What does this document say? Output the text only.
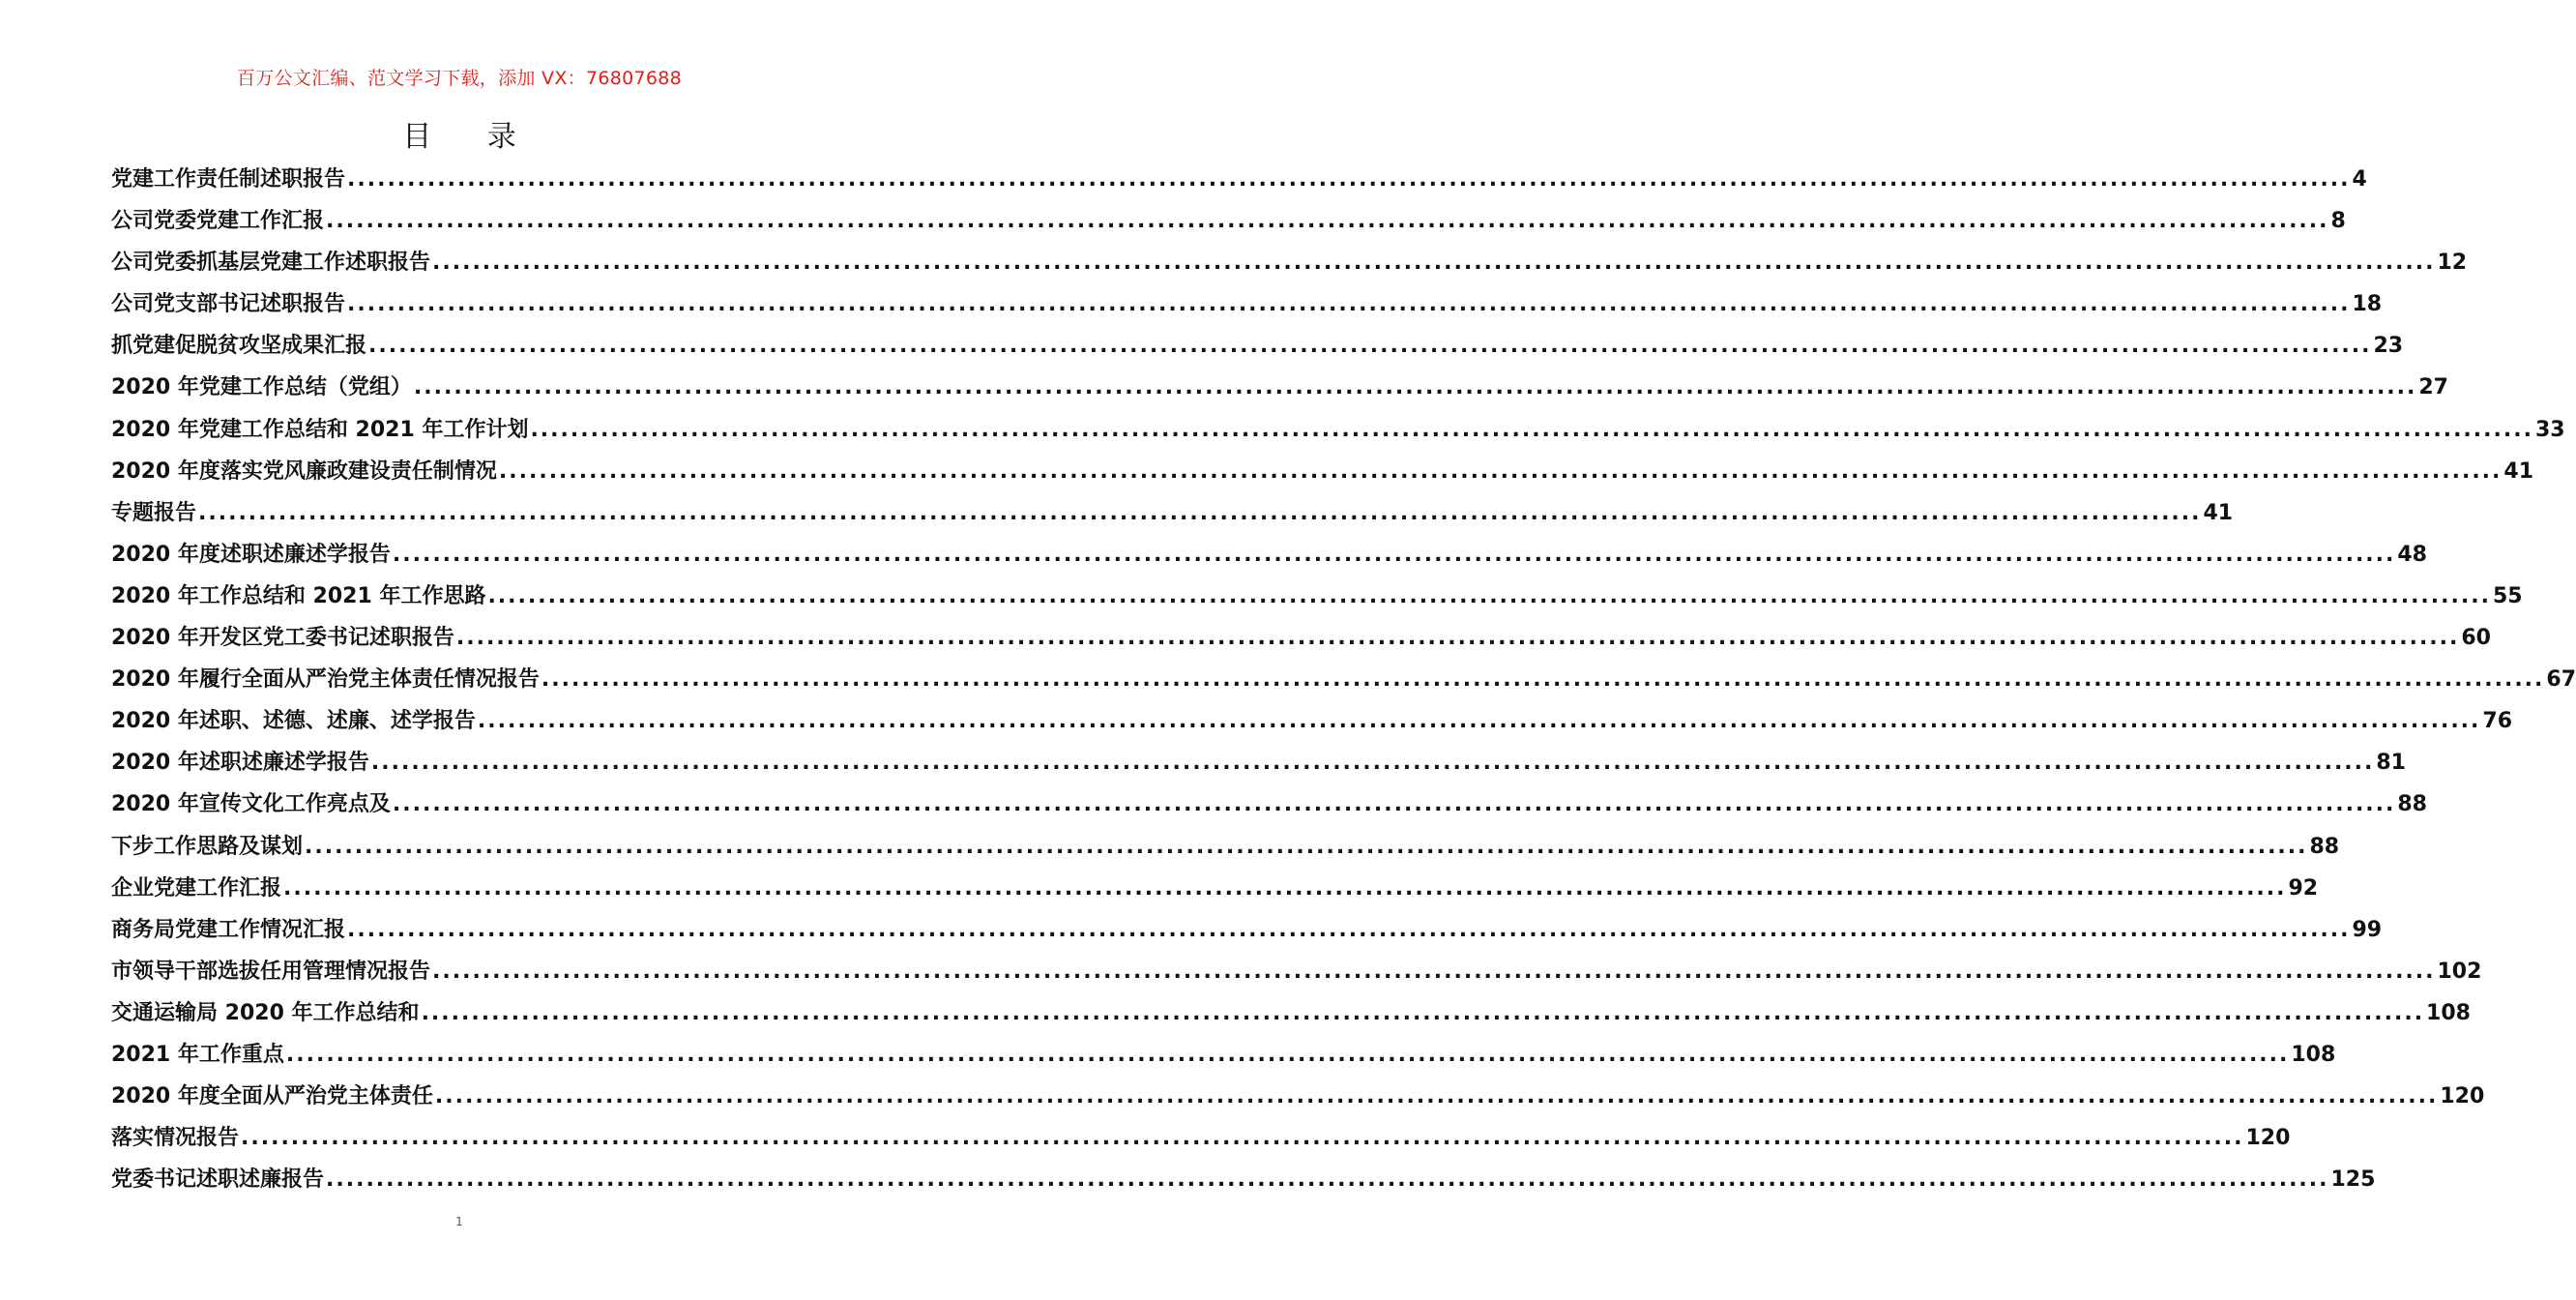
百万公文汇编、范文学习下载，添加 VX：76807688
目 录
党建工作责任制述职报告 ........................................................................................................................................................................................................ 4
公司党委党建工作汇报 ........................................................................................................................................................................................................ 8
公司党委抓基层党建工作述职报告 ........................................................................................................................................................................................................ 12
公司党支部书记述职报告 ........................................................................................................................................................................................................ 18
抓党建促脱贫攻坚成果汇报 ........................................................................................................................................................................................................ 23
2020 年党建工作总结（党组） ........................................................................................................................................................................................................ 27
2020 年党建工作总结和 2021 年工作计划 ........................................................................................................................................................................................................ 33
2020 年度落实党风廉政建设责任制情况 ........................................................................................................................................................................................................ 41
专题报告 ........................................................................................................................................................................................................ 41
2020 年度述职述廉述学报告 ........................................................................................................................................................................................................ 48
2020 年工作总结和 2021 年工作思路 ........................................................................................................................................................................................................ 55
2020 年开发区党工委书记述职报告 ........................................................................................................................................................................................................ 60
2020 年履行全面从严治党主体责任情况报告 ........................................................................................................................................................................................................ 67
2020 年述职、述德、述廉、述学报告 ........................................................................................................................................................................................................ 76
2020 年述职述廉述学报告 ........................................................................................................................................................................................................ 81
2020 年宣传文化工作亮点及 ........................................................................................................................................................................................................ 88
下步工作思路及谋划 ........................................................................................................................................................................................................ 88
企业党建工作汇报 ........................................................................................................................................................................................................ 92
商务局党建工作情况汇报 ........................................................................................................................................................................................................ 99
市领导干部选拔任用管理情况报告 ........................................................................................................................................................................................................ 102
交通运输局 2020 年工作总结和 ........................................................................................................................................................................................................ 108
2021 年工作重点 ........................................................................................................................................................................................................ 108
2020 年度全面从严治党主体责任 ........................................................................................................................................................................................................ 120
落实情况报告 ........................................................................................................................................................................................................ 120
党委书记述职述廉报告 ........................................................................................................................................................................................................ 125
1
